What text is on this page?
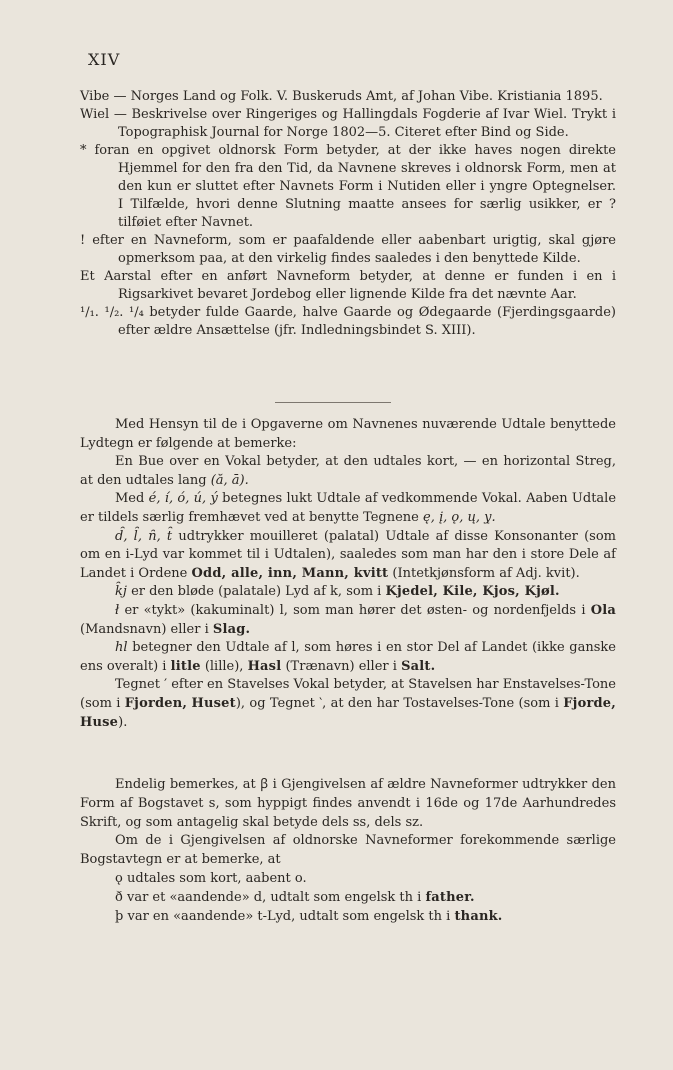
XIV

Vibe — Norges Land og Folk. V. Buskeruds Amt, af Johan Vibe. Kristiania 1895.

Wiel — Beskrivelse over Ringeriges og Hallingdals Fogderie af Ivar Wiel. Trykt i Topographisk Journal for Norge 1802—5. Citeret efter Bind og Side.

* foran en opgivet oldnorsk Form betyder, at der ikke haves nogen direkte Hjemmel for den fra den Tid, da Navnene skreves i oldnorsk Form, men at den kun er sluttet efter Navnets Form i Nutiden eller i yngre Optegnelser. I Tilfælde, hvori denne Slutning maatte ansees for særlig usikker, er ? tilføiet efter Navnet.

! efter en Navneform, som er paafaldende eller aabenbart urigtig, skal gjøre opmerksom paa, at den virkelig findes saaledes i den benyttede Kilde.

Et Aarstal efter en anført Navneform betyder, at denne er funden i en i Rigsarkivet bevaret Jordebog eller lignende Kilde fra det nævnte Aar.

¹/₁. ¹/₂. ¹/₄ betyder fulde Gaarde, halve Gaarde og Ødegaarde (Fjerdingsgaarde) efter ældre Ansættelse (jfr. Indledningsbindet S. XIII).

Med Hensyn til de i Opgaverne om Navnenes nuværende Udtale benyttede Lydtegn er følgende at bemerke:

En Bue over en Vokal betyder, at den udtales kort, — en horizontal Streg, at den udtales lang (ă, ā).

Med é, í, ó, ú, ý betegnes lukt Udtale af vedkommende Vokal. Aaben Udtale er tildels særlig fremhævet ved at benytte Tegnene ę, į, ǫ, ų, y̨.

d̑, l̑, n̑, t̑ udtrykker mouilleret (palatal) Udtale af disse Konsonanter (som om en i-Lyd var kommet til i Udtalen), saaledes som man har den i store Dele af Landet i Ordene Odd, alle, inn, Mann, kvitt (Intetkjønsform af Adj. kvit).

k̑j er den bløde (palatale) Lyd af k, som i Kjedel, Kile, Kjos, Kjøl.

ł er «tykt» (kakuminalt) l, som man hører det østen- og nordenfjelds i Ola (Mandsnavn) eller i Slag.

hl betegner den Udtale af l, som høres i en stor Del af Landet (ikke ganske ens overalt) i litle (lille), Hasl (Trænavn) eller i Salt.

Tegnet ′ efter en Stavelses Vokal betyder, at Stavelsen har Enstavelses-Tone (som i Fjorden, Huset), og Tegnet ‵, at den har Tostavelses-Tone (som i Fjorde, Huse).

Endelig bemerkes, at ꞵ i Gjengivelsen af ældre Navneformer udtrykker den Form af Bogstavet s, som hyppigt findes anvendt i 16de og 17de Aarhundredes Skrift, og som antagelig skal betyde dels ss, dels sz.

Om de i Gjengivelsen af oldnorske Navneformer forekommende særlige Bogstavtegn er at bemerke, at

ǫ udtales som kort, aabent o.

ð var et «aandende» d, udtalt som engelsk th i father.

þ var en «aandende» t-Lyd, udtalt som engelsk th i thank.
